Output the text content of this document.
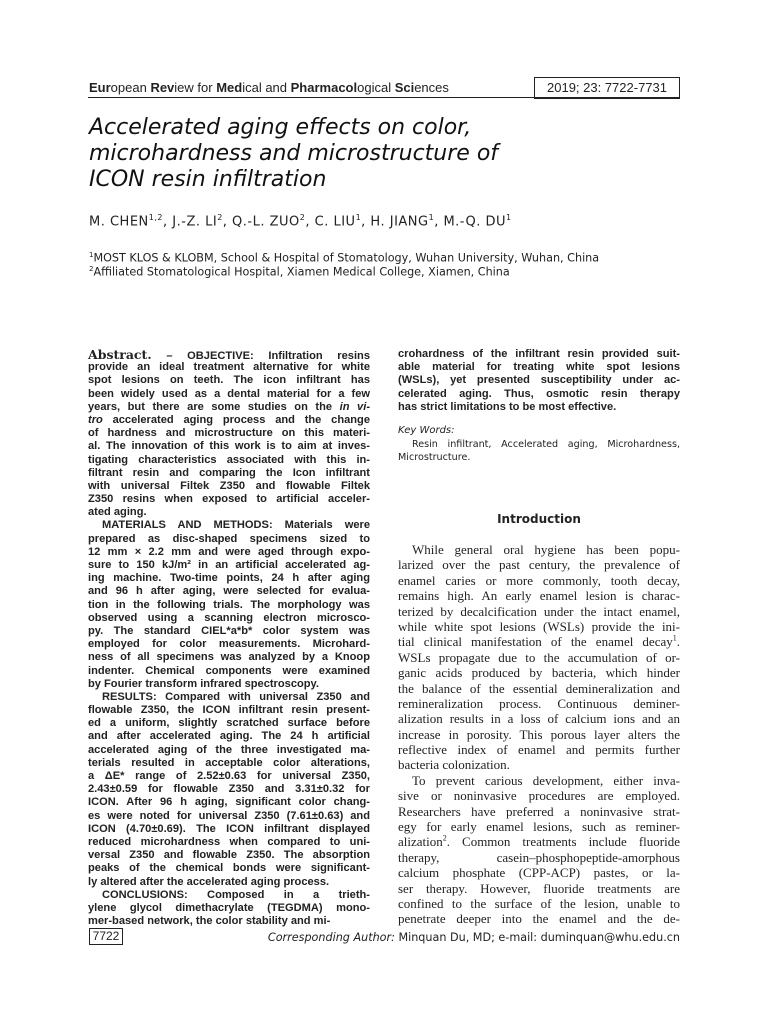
European Review for Medical and Pharmacological Sciences	2019; 23: 7722-7731
Accelerated aging effects on color,
microhardness and microstructure of
ICON resin infiltration
M. CHEN$^{1,2}$, J.-Z. $LI^2$, Q.-L. ZUO$^2$, C. LIU$^1$, H. JIANG$^1$, M.-Q. $DU^1$
$^1$MOST KLOS & KLOBM, School & Hospital of Stomatology, Wuhan University, Wuhan, China
$^2$Affiliated Stomatological Hospital, Xiamen Medical College, Xiamen, China
Abstract. – OBJECTIVE: Infiltration resins
provide an ideal treatment alternative for white
spot lesions on teeth. The icon infiltrant has
been widely used as a dental material for a few
years, but there are some studies on the in vi-
tro accelerated aging process and the change
of hardness and microstructure on this materi-
al. The innovation of this work is to aim at inves-
tigating characteristics associated with this in-
filtrant resin and comparing the Icon infiltrant
with universal Filtek Z350 and flowable Filtek
Z350 resins when exposed to artificial acceler-
ated aging.
MATERIALS AND METHODS: Materials were
prepared as disc-shaped specimens sized to
12 mm × 2.2 mm and were aged through expo-
sure to 150 kJ/m² in an artificial accelerated ag-
ing machine. Two-time points, 24 h after aging
and 96 h after aging, were selected for evalua-
tion in the following trials. The morphology was
observed using a scanning electron microsco-
py. The standard CIEL*a*b* color system was
employed for color measurements. Microhard-
ness of all specimens was analyzed by a Knoop
indenter. Chemical components were examined
by Fourier transform infrared spectroscopy.
RESULTS: Compared with universal Z350 and
flowable Z350, the ICON infiltrant resin present-
ed a uniform, slightly scratched surface before
and after accelerated aging. The 24 h artificial
accelerated aging of the three investigated ma-
terials resulted in acceptable color alterations,
a ΔE* range of 2.52±0.63 for universal Z350,
2.43±0.59 for flowable Z350 and 3.31±0.32 for
ICON. After 96 h aging, significant color chang-
es were noted for universal Z350 (7.61±0.63) and
ICON (4.70±0.69). The ICON infiltrant displayed
reduced microhardness when compared to uni-
versal Z350 and flowable Z350. The absorption
peaks of the chemical bonds were significant-
ly altered after the accelerated aging process.
CONCLUSIONS: Composed in a trieth-
ylene glycol dimethacrylate (TEGDMA) mono-
mer-based network, the color stability and mi-
crohardness of the infiltrant resin provided suit-
able material for treating white spot lesions
(WSLs), yet presented susceptibility under ac-
celerated aging. Thus, osmotic resin therapy
has strict limitations to be most effective.
Key Words:
Resin infiltrant, Accelerated aging, Microhardness,
Microstructure.
Introduction
While general oral hygiene has been popu-
larized over the past century, the prevalence of
enamel caries or more commonly, tooth decay,
remains high. An early enamel lesion is charac-
terized by decalcification under the intact enamel,
while white spot lesions (WSLs) provide the ini-
tial clinical manifestation of the enamel decay$^1$.
WSLs propagate due to the accumulation of or-
ganic acids produced by bacteria, which hinder
the balance of the essential demineralization and
remineralization process. Continuous deminer-
alization results in a loss of calcium ions and an
increase in porosity. This porous layer alters the
reflective index of enamel and permits further
bacteria colonization.
To prevent carious development, either inva-
sive or noninvasive procedures are employed.
Researchers have preferred a noninvasive strat-
egy for early enamel lesions, such as reminer-
alization$^2$. Common treatments include fluoride
therapy, casein–phosphopeptide-amorphous
calcium phosphate (CPP-ACP) pastes, or la-
ser therapy. However, fluoride treatments are
confined to the surface of the lesion, unable to
penetrate deeper into the enamel and the de-
7722	Corresponding Author: Minquan Du, MD; e-mail: duminquan@whu.edu.cn
